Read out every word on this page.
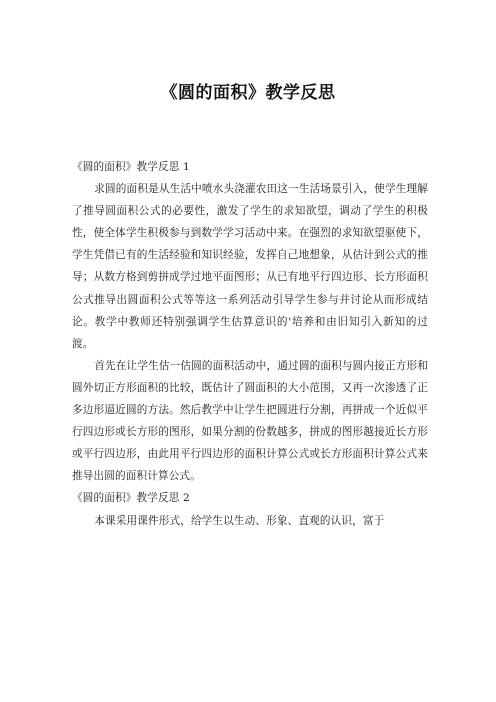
《圆的面积》教学反思
《圆的面积》教学反思 1

求圆的面积是从生活中喷水头浇灌农田这一生活场景引入，使学生理解了推导圆面积公式的必要性，激发了学生的求知欲望，调动了学生的积极性，使全体学生积极参与到数学学习活动中来。在强烈的求知欲望驱使下，学生凭借已有的生活经验和知识经验，发挥自己地想象，从估计到公式的推导；从数方格到剪拼成学过地平面图形；从已有地平行四边形、长方形面积公式推导出圆面积公式等等这一系列活动引导学生参与并讨论从而形成结论。教学中教师还特别强调学生估算意识的'培养和由旧知引入新知的过渡。

首先在让学生估一估圆的面积活动中，通过圆的面积与圆内接正方形和圆外切正方形面积的比较，既估计了圆面积的大小范围，又再一次渗透了正多边形逼近圆的方法。然后教学中让学生把圆进行分割，再拼成一个近似平行四边形或长方形的图形，如果分割的份数越多，拼成的图形越接近长方形或平行四边形，由此用平行四边形的面积计算公式或长方形面积计算公式来推导出圆的面积计算公式。

《圆的面积》教学反思 2

本课采用课件形式，给学生以生动、形象、直观的认识，富于
